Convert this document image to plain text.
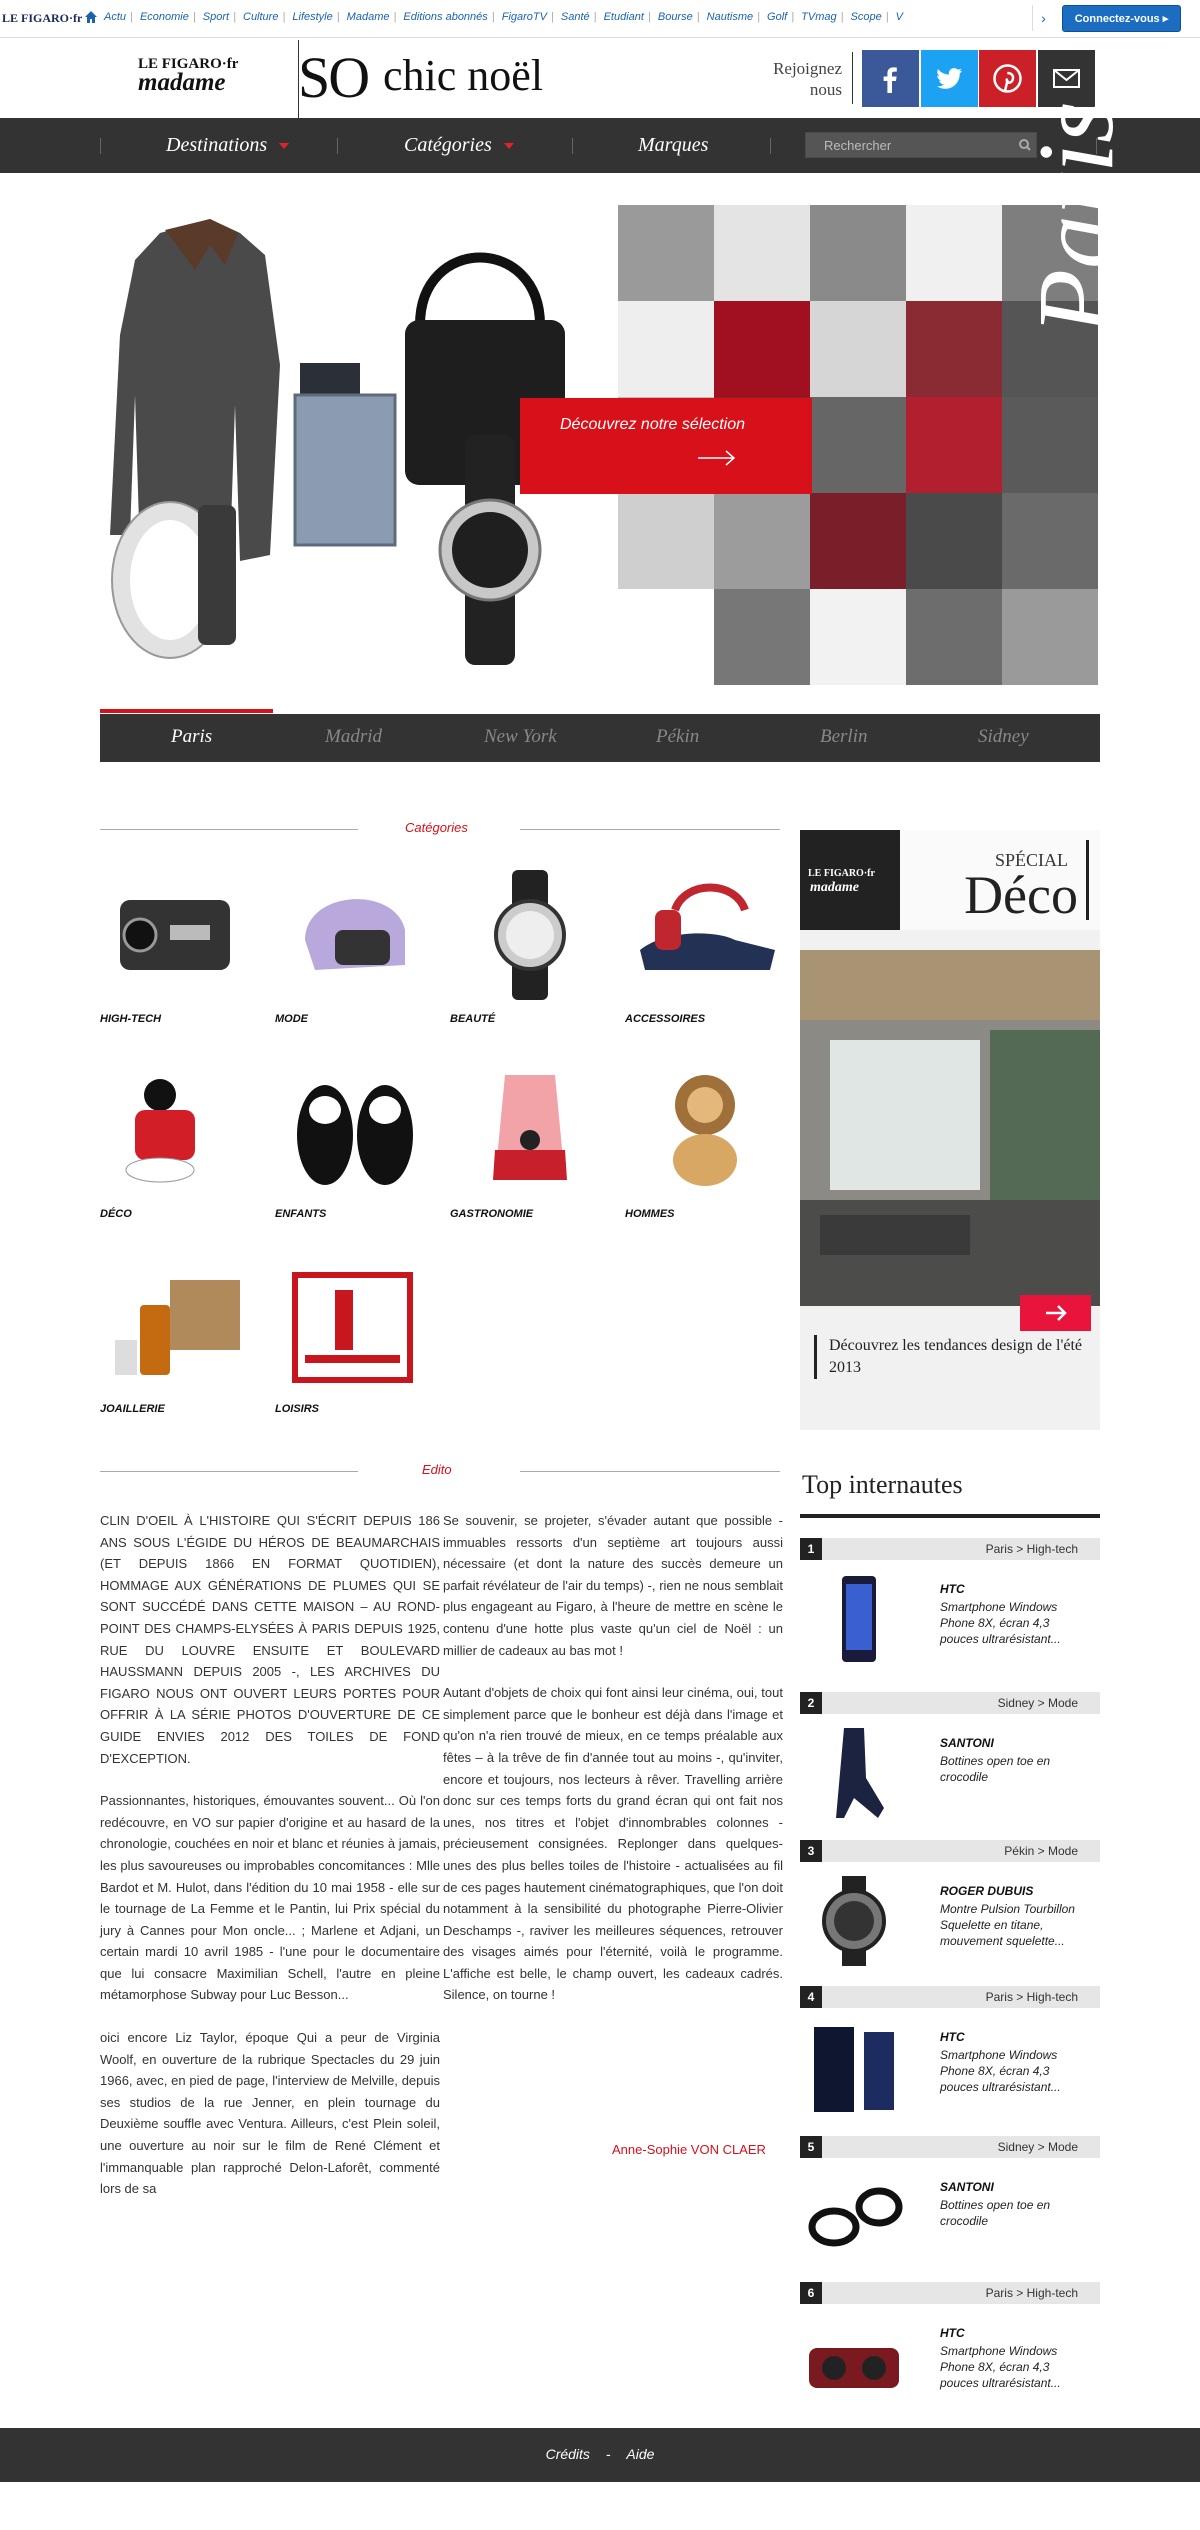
LE FIGARO·fr	Actu | Economie | Sport | Culture | Lifestyle | Madame | Editions abonnés | FigaroTV | Santé | Etudiant | Bourse | Nautisme | Golf | TVmag | Scope | V	›	Connectez-vous ▸
LE FIGARO·fr
madame SO chic noël	Rejoignez nous
Destinations	Catégories	Marques
Rechercher	Paris
Découvrez notre sélection
Paris	Madrid	New York	Pékin	Berlin	Sidney
Catégories
HIGH-TECH	MODE	BEAUTÉ	ACCESSOIRES
DÉCO	ENFANTS	GASTRONOMIE	HOMMES
JOAILLERIE	LOISIRS
LE FIGARO·fr
madame
SPÉCIAL
Déco
Découvrez les tendances design de l'été 2013
Edito

CLIN D'OEIL À L'HISTOIRE QUI S'ÉCRIT DEPUIS 186 ANS SOUS L'ÉGIDE DU HÉROS DE BEAUMARCHAIS (ET DEPUIS 1866 EN FORMAT QUOTIDIEN), HOMMAGE AUX GÉNÉRATIONS DE PLUMES QUI SE SONT SUCCÉDÉ DANS CETTE MAISON – AU ROND-POINT DES CHAMPS-ELYSÉES À PARIS DEPUIS 1925, RUE DU LOUVRE ENSUITE ET BOULEVARD HAUSSMANN DEPUIS 2005 -, LES ARCHIVES DU FIGARO NOUS ONT OUVERT LEURS PORTES POUR OFFRIR À LA SÉRIE PHOTOS D'OUVERTURE DE CE GUIDE ENVIES 2012 DES TOILES DE FOND D'EXCEPTION.

Passionnantes, historiques, émouvantes souvent... Où l'on redécouvre, en VO sur papier d'origine et au hasard de la chronologie, couchées en noir et blanc et réunies à jamais, les plus savoureuses ou improbables concomitances : Mlle Bardot et M. Hulot, dans l'édition du 10 mai 1958 - elle sur le tournage de La Femme et le Pantin, lui Prix spécial du jury à Cannes pour Mon oncle... ; Marlene et Adjani, un certain mardi 10 avril 1985 - l'une pour le documentaire que lui consacre Maximilian Schell, l'autre en pleine métamorphose Subway pour Luc Besson...

oici encore Liz Taylor, époque Qui a peur de Virginia Woolf, en ouverture de la rubrique Spectacles du 29 juin 1966, avec, en pied de page, l'interview de Melville, depuis ses studios de la rue Jenner, en plein tournage du Deuxième souffle avec Ventura. Ailleurs, c'est Plein soleil, une ouverture au noir sur le film de René Clément et l'immanquable plan rapproché Delon-Laforêt, commenté lors de sa

Se souvenir, se projeter, s'évader autant que possible - immuables ressorts d'un septième art toujours aussi nécessaire (et dont la nature des succès demeure un parfait révélateur de l'air du temps) -, rien ne nous semblait plus engageant au Figaro, à l'heure de mettre en scène le contenu d'une hotte plus vaste qu'un ciel de Noël : un millier de cadeaux au bas mot !

Autant d'objets de choix qui font ainsi leur cinéma, oui, tout simplement parce que le bonheur est déjà dans l'image et qu'on n'a rien trouvé de mieux, en ce temps préalable aux fêtes – à la trêve de fin d'année tout au moins -, qu'inviter, encore et toujours, nos lecteurs à rêver. Travelling arrière donc sur ces temps forts du grand écran qui ont fait nos unes, nos titres et l'objet d'innombrables colonnes - précieusement consignées. Replonger dans quelques-unes des plus belles toiles de l'histoire - actualisées au fil de ces pages hautement cinématographiques, que l'on doit notamment à la sensibilité du photographe Pierre-Olivier Deschamps -, raviver les meilleures séquences, retrouver des visages aimés pour l'éternité, voilà le programme. L'affiche est belle, le champ ouvert, les cadeaux cadrés. Silence, on tourne !

Anne-Sophie VON CLAER
Top internautes
1	Paris > High-tech
HTC
Smartphone Windows Phone 8X, écran 4,3 pouces ultrarésistant...
2	Sidney > Mode
SANTONI
Bottines open toe en crocodile
3	Pékin > Mode
ROGER DUBUIS
Montre Pulsion Tourbillon Squelette en titane, mouvement squelette...
4	Paris > High-tech
HTC
Smartphone Windows Phone 8X, écran 4,3 pouces ultrarésistant...
5	Sidney > Mode
SANTONI
Bottines open toe en crocodile
6	Paris > High-tech
HTC
Smartphone Windows Phone 8X, écran 4,3 pouces ultrarésistant...
Crédits - Aide
